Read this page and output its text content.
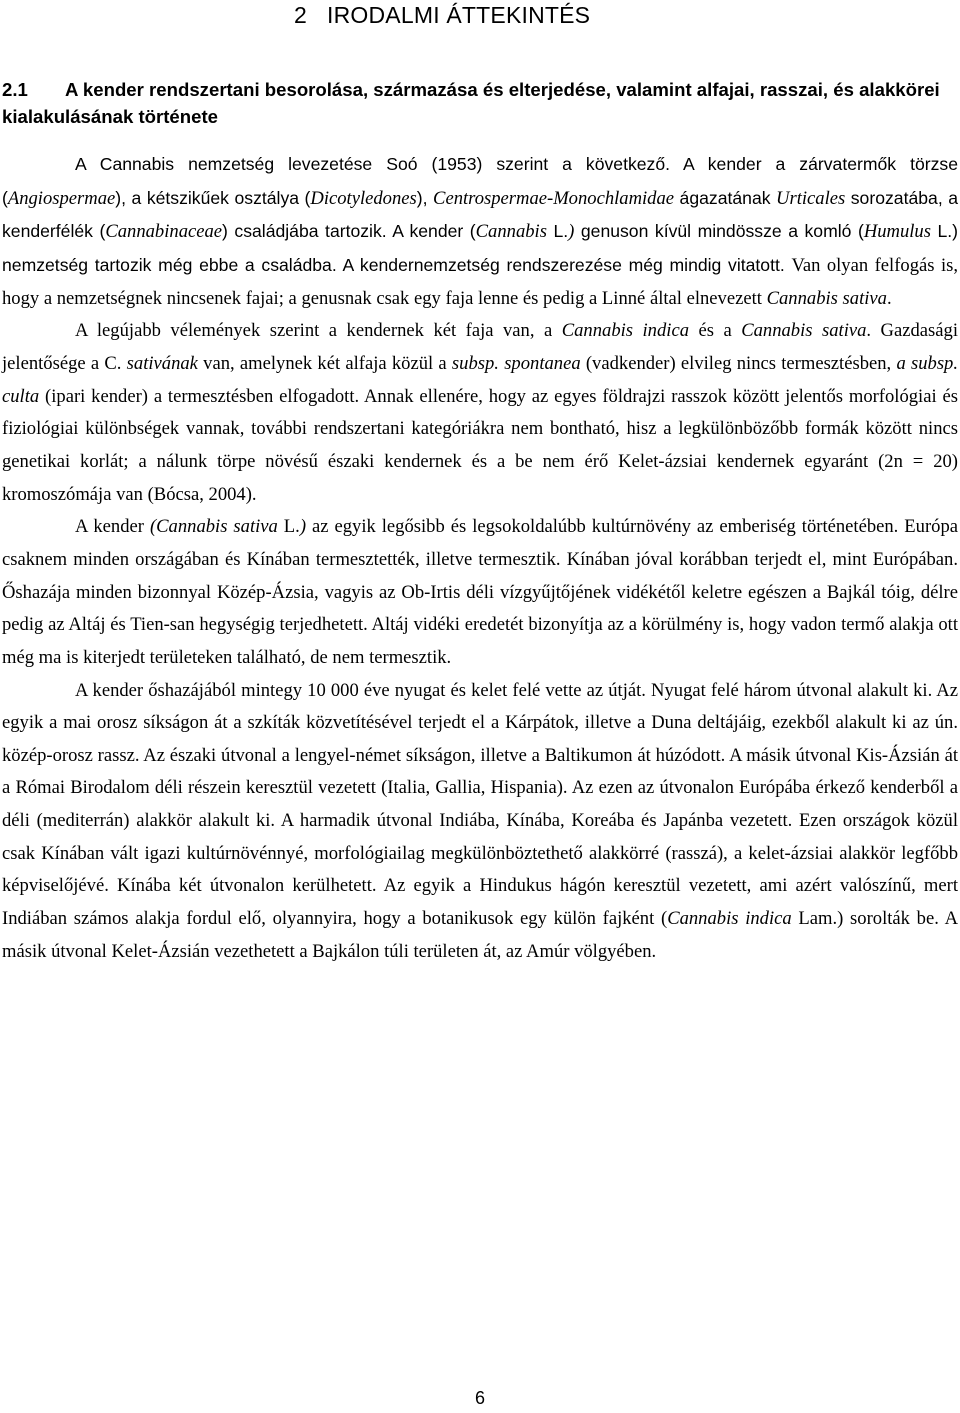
2 IRODALMI ÁTTEKINTÉS
2.1 A kender rendszertani besorolása, származása és elterjedése, valamint alfajai, rasszai, és alakkörei kialakulásának története

A Cannabis nemzetség levezetése Soó (1953) szerint a következő. A kender a zárvatermők törzse (Angiospermae), a kétszikűek osztálya (Dicotyledones), Centrospermae-Monochlamidae ágazatának Urticales sorozatába, a kenderfélék (Cannabinaceae) családjába tartozik. A kender (Cannabis L.) genuson kívül mindössze a komló (Humulus L.) nemzetség tartozik még ebbe a családba. A kendernemzetség rendszerezése még mindig vitatott. Van olyan felfogás is, hogy a nemzetségnek nincsenek fajai; a genusnak csak egy faja lenne és pedig a Linné által elnevezett Cannabis sativa.

A legújabb vélemények szerint a kendernek két faja van, a Cannabis indica és a Cannabis sativa. Gazdasági jelentősége a C. sativának van, amelynek két alfaja közül a subsp. spontanea (vadkender) elvileg nincs termesztésben, a subsp. culta (ipari kender) a termesztésben elfogadott. Annak ellenére, hogy az egyes földrajzi rasszok között jelentős morfológiai és fiziológiai különbségek vannak, további rendszertani kategóriákra nem bontható, hisz a legkülönbözőbb formák között nincs genetikai korlát; a nálunk törpe növésű északi kendernek és a be nem érő Kelet-ázsiai kendernek egyaránt (2n = 20) kromoszómája van (Bócsa, 2004).

A kender (Cannabis sativa L.) az egyik legősibb és legsokoldalúbb kultúrnövény az emberiség történetében. Európa csaknem minden országában és Kínában termesztették, illetve termesztik. Kínában jóval korábban terjedt el, mint Európában. Őshazája minden bizonnyal Közép-Ázsia, vagyis az Ob-Irtis déli vízgyűjtőjének vidékétől keletre egészen a Bajkál tóig, délre pedig az Altáj és Tien-san hegységig terjedhetett. Altáj vidéki eredetét bizonyítja az a körülmény is, hogy vadon termő alakja ott még ma is kiterjedt területeken található, de nem termesztik.

A kender őshazájából mintegy 10 000 éve nyugat és kelet felé vette az útját. Nyugat felé három útvonal alakult ki. Az egyik a mai orosz síkságon át a szkíták közvetítésével terjedt el a Kárpátok, illetve a Duna deltájáig, ezekből alakult ki az ún. közép-orosz rassz. Az északi útvonal a lengyel-német síkságon, illetve a Baltikumon át húzódott. A másik útvonal Kis-Ázsián át a Római Birodalom déli részein keresztül vezetett (Italia, Gallia, Hispania). Az ezen az útvonalon Európába érkező kenderből a déli (mediterrán) alakkör alakult ki. A harmadik útvonal Indiába, Kínába, Koreába és Japánba vezetett. Ezen országok közül csak Kínában vált igazi kultúrnövénnyé, morfológiailag megkülönböztethető alakkörré (rasszá), a kelet-ázsiai alakkör legfőbb képviselőjévé. Kínába két útvonalon kerülhetett. Az egyik a Hindukus hágón keresztül vezetett, ami azért valószínű, mert Indiában számos alakja fordul elő, olyannyira, hogy a botanikusok egy külön fajként (Cannabis indica Lam.) sorolták be. A másik útvonal Kelet-Ázsián vezethetett a Bajkálon túli területen át, az Amúr völgyében.

6
